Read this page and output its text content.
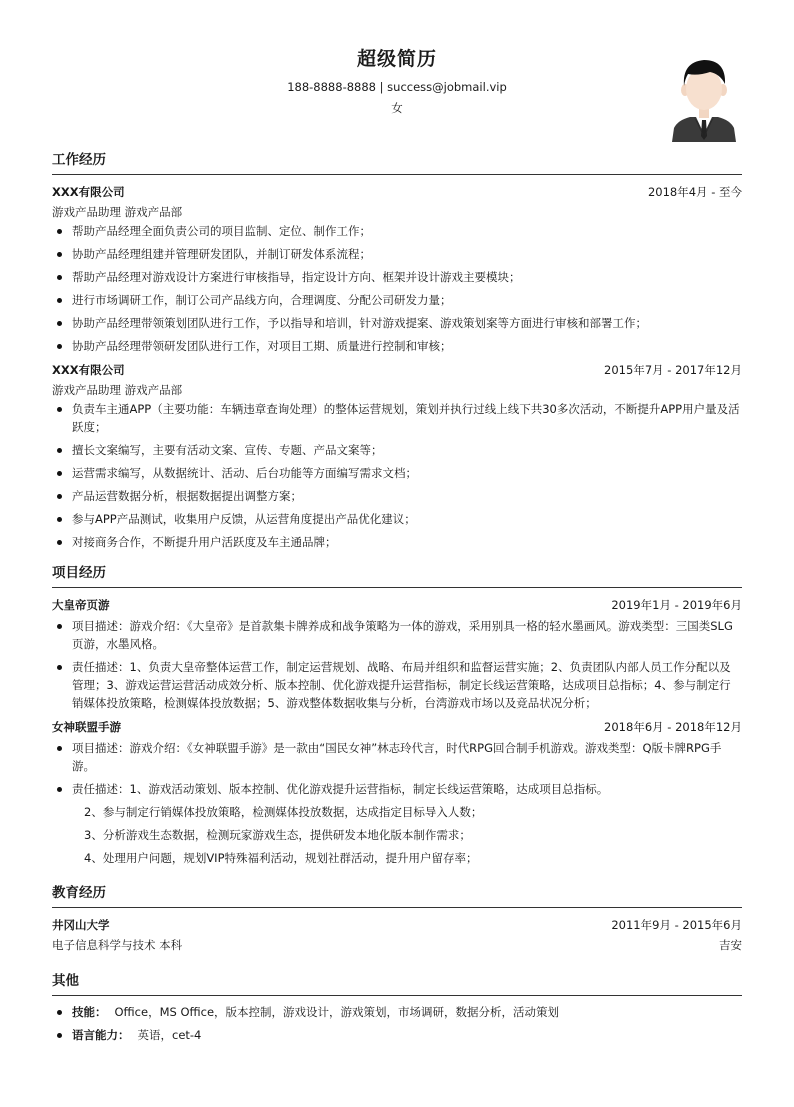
超级简历
188-8888-8888 | success@jobmail.vip
女
工作经历
XXX有限公司	2018年4月 - 至今
游戏产品助理 游戏产品部
帮助产品经理全面负责公司的项目监制、定位、制作工作；
协助产品经理组建并管理研发团队，并制订研发体系流程；
帮助产品经理对游戏设计方案进行审核指导，指定设计方向、框架并设计游戏主要模块；
进行市场调研工作，制订公司产品线方向，合理调度、分配公司研发力量；
协助产品经理带领策划团队进行工作，予以指导和培训，针对游戏提案、游戏策划案等方面进行审核和部署工作；
协助产品经理带领研发团队进行工作，对项目工期、质量进行控制和审核；
XXX有限公司	2015年7月 - 2017年12月
游戏产品助理 游戏产品部
负责车主通APP（主要功能：车辆违章查询处理）的整体运营规划，策划并执行过线上线下共30多次活动，不断提升APP用户量及活跃度；
擅长文案编写，主要有活动文案、宣传、专题、产品文案等；
运营需求编写，从数据统计、活动、后台功能等方面编写需求文档；
产品运营数据分析，根据数据提出调整方案；
参与APP产品测试，收集用户反馈，从运营角度提出产品优化建议；
对接商务合作，不断提升用户活跃度及车主通品牌；
项目经历
大皇帝页游	2019年1月 - 2019年6月
项目描述：游戏介绍：《大皇帝》是首款集卡牌养成和战争策略为一体的游戏，采用别具一格的轻水墨画风。游戏类型：三国类SLG页游，水墨风格。
责任描述：1、负责大皇帝整体运营工作，制定运营规划、战略、布局并组织和监督运营实施；2、负责团队内部人员工作分配以及管理；3、游戏运营运营活动成效分析、版本控制、优化游戏提升运营指标，制定长线运营策略，达成项目总指标；4、参与制定行销媒体投放策略，检测媒体投放数据；5、游戏整体数据收集与分析，台湾游戏市场以及竞品状况分析；
女神联盟手游	2018年6月 - 2018年12月
项目描述：游戏介绍：《女神联盟手游》是一款由“国民女神”林志玲代言，时代RPG回合制手机游戏。游戏类型：Q版卡牌RPG手游。
责任描述：1、游戏活动策划、版本控制、优化游戏提升运营指标，制定长线运营策略，达成项目总指标。
2、参与制定行销媒体投放策略，检测媒体投放数据，达成指定目标导入人数；
3、分析游戏生态数据，检测玩家游戏生态，提供研发本地化版本制作需求；
4、处理用户问题，规划VIP特殊福利活动，规划社群活动，提升用户留存率；
教育经历
井冈山大学	2011年9月 - 2015年6月
电子信息科学与技术 本科	吉安
其他
技能： Office，MS Office，版本控制，游戏设计，游戏策划，市场调研，数据分析，活动策划
语言能力： 英语，cet-4
